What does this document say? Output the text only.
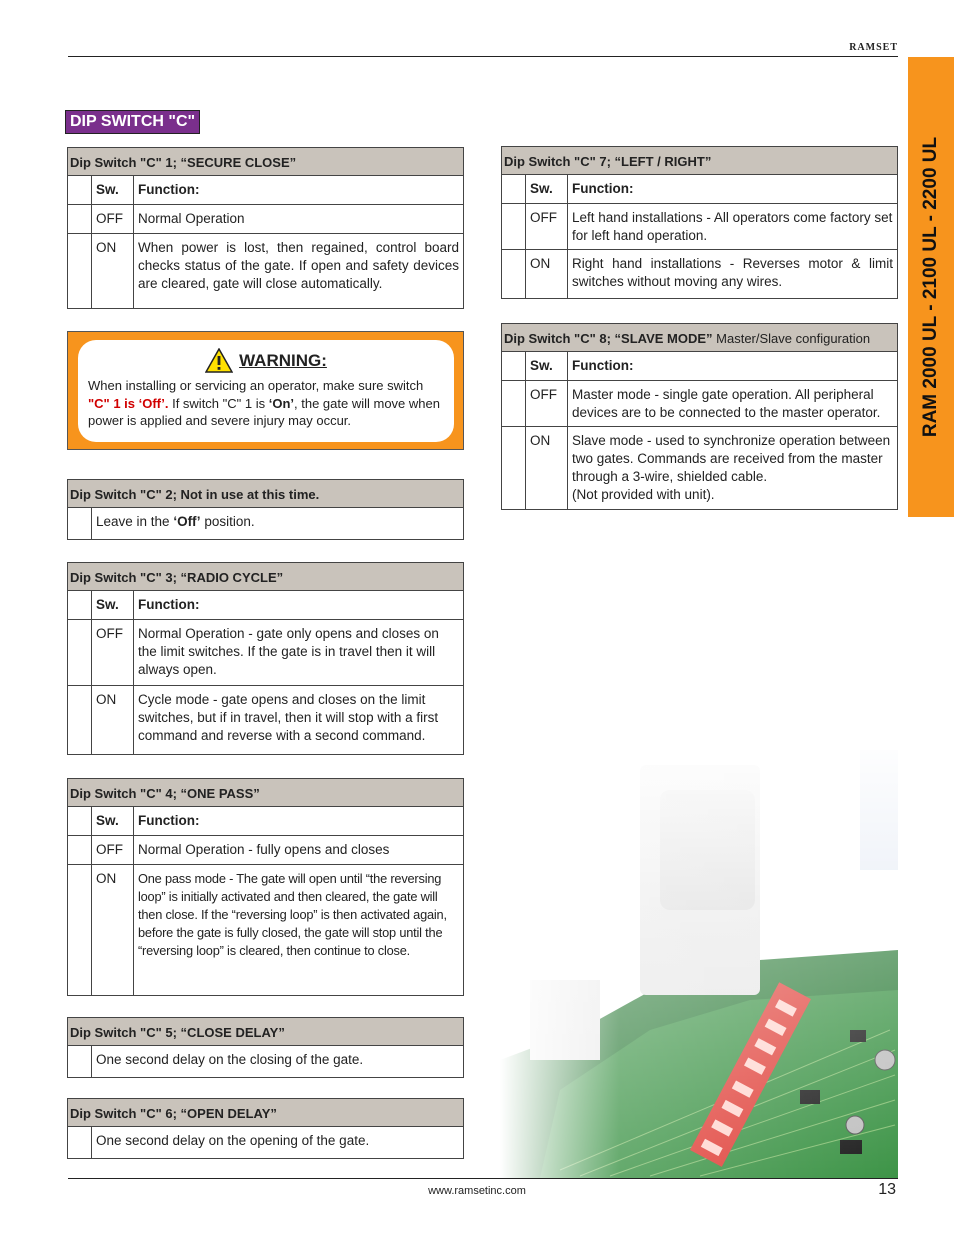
RAMSET
RAM 2000 UL - 2100 UL - 2200 UL
DIP SWITCH "C"
Dip Switch "C" 1; “SECURE CLOSE”
Sw.	Function:
OFF	Normal Operation
ON	When power is lost, then regained, control board checks status of the gate. If open and safety devices are cleared, gate will close automatically.
WARNING:
When installing or servicing an operator, make sure switch "C" 1 is ‘Off’. If switch "C" 1 is ‘On’, the gate will move when power is applied and severe injury may occur.
Dip Switch "C" 2; Not in use at this time.
Leave in the ‘Off’ position.
Dip Switch "C" 3; “RADIO CYCLE”
Sw.	Function:
OFF	Normal Operation - gate only opens and closes on the limit switches. If the gate is in travel then it will always open.
ON	Cycle mode - gate opens and closes on the limit switches, but if in travel, then it will stop with a first command and reverse with a second command.
Dip Switch "C" 4; “ONE PASS”
Sw.	Function:
OFF	Normal Operation - fully opens and closes
ON	One pass mode - The gate will open until “the reversing loop” is initially activated and then cleared, the gate will then close. If the “reversing loop” is then activated again, before the gate is fully closed, the gate will stop until the “reversing loop” is cleared, then continue to close.
Dip Switch "C" 5; “CLOSE DELAY”
One second delay on the closing of the gate.
Dip Switch "C" 6; “OPEN DELAY”
One second delay on the opening of the gate.
Dip Switch "C" 7; “LEFT / RIGHT”
Sw.	Function:
OFF	Left hand installations - All operators come factory set for left hand operation.
ON	Right hand installations - Reverses motor & limit switches without moving any wires.
Dip Switch "C" 8; “SLAVE MODE” Master/Slave configuration
Sw.	Function:
OFF	Master mode - single gate operation. All peripheral devices are to be connected to the master operator.
ON	Slave mode - used to synchronize operation between two gates. Commands are received from the master through a 3-wire, shielded cable.
(Not provided with unit).
www.ramsetinc.com	13
